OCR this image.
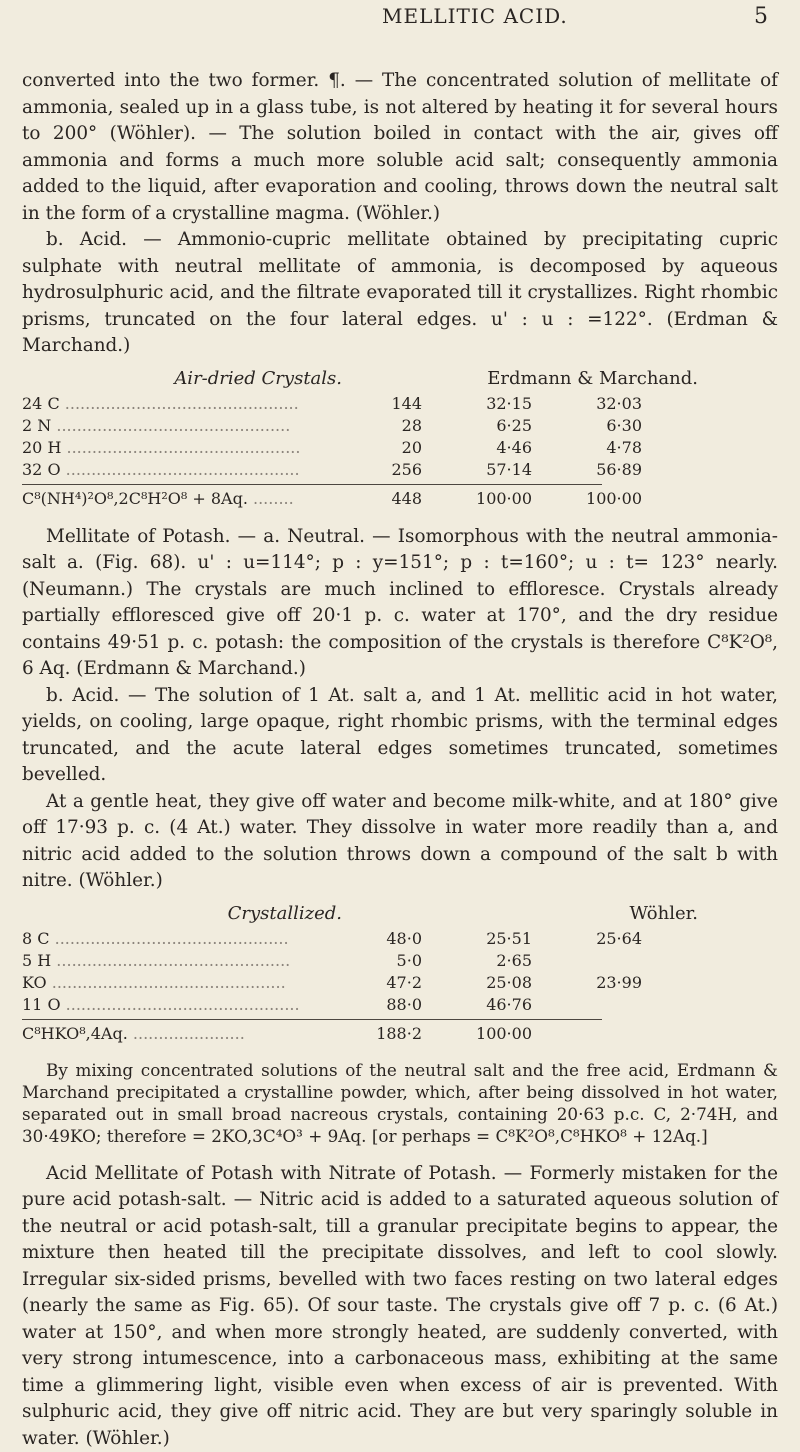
MELLITIC ACID.	5

converted into the two former. ¶. — The concentrated solution of mellitate of ammonia, sealed up in a glass tube, is not altered by heating it for several hours to 200° (Wöhler). — The solution boiled in contact with the air, gives off ammonia and forms a much more soluble acid salt; consequently ammonia added to the liquid, after evaporation and cooling, throws down the neutral salt in the form of a crystalline magma. (Wöhler.)

b. Acid. — Ammonio-cupric mellitate obtained by precipitating cupric sulphate with neutral mellitate of ammonia, is decomposed by aqueous hydrosulphuric acid, and the filtrate evaporated till it crystallizes. Right rhombic prisms, truncated on the four lateral edges. u' : u : =122°. (Erdman & Marchand.)

Air-dried Crystals.	Erdmann & Marchand.
24 C ..............................................	144	32·15	32·03
2 N ..............................................	28	6·25	6·30
20 H ..............................................	20	4·46	4·78
32 O ..............................................	256	57·14	56·89
C⁸(NH⁴)²O⁸,2C⁸H²O⁸ + 8Aq. ........	448	100·00	100·00

Mellitate of Potash. — a. Neutral. — Isomorphous with the neutral ammonia-salt a. (Fig. 68). u' : u=114°; p : y=151°; p : t=160°; u : t= 123° nearly. (Neumann.) The crystals are much inclined to effloresce. Crystals already partially effloresced give off 20·1 p. c. water at 170°, and the dry residue contains 49·51 p. c. potash: the composition of the crystals is therefore C⁸K²O⁸, 6 Aq. (Erdmann & Marchand.)

b. Acid. — The solution of 1 At. salt a, and 1 At. mellitic acid in hot water, yields, on cooling, large opaque, right rhombic prisms, with the terminal edges truncated, and the acute lateral edges sometimes truncated, sometimes bevelled.

At a gentle heat, they give off water and become milk-white, and at 180° give off 17·93 p. c. (4 At.) water. They dissolve in water more readily than a, and nitric acid added to the solution throws down a compound of the salt b with nitre. (Wöhler.)

Crystallized.	Wöhler.
8 C ..............................................	48·0	25·51	25·64
5 H ..............................................	5·0	2·65
KO ..............................................	47·2	25·08	23·99
11 O ..............................................	88·0	46·76
C⁸HKO⁸,4Aq. ......................	188·2	100·00

By mixing concentrated solutions of the neutral salt and the free acid, Erdmann & Marchand precipitated a crystalline powder, which, after being dissolved in hot water, separated out in small broad nacreous crystals, containing 20·63 p.c. C, 2·74H, and 30·49KO; therefore = 2KO,3C⁴O³ + 9Aq. [or perhaps = C⁸K²O⁸,C⁸HKO⁸ + 12Aq.]

Acid Mellitate of Potash with Nitrate of Potash. — Formerly mistaken for the pure acid potash-salt. — Nitric acid is added to a saturated aqueous solution of the neutral or acid potash-salt, till a granular precipitate begins to appear, the mixture then heated till the precipitate dissolves, and left to cool slowly. Irregular six-sided prisms, bevelled with two faces resting on two lateral edges (nearly the same as Fig. 65). Of sour taste. The crystals give off 7 p. c. (6 At.) water at 150°, and when more strongly heated, are suddenly converted, with very strong intumescence, into a carbonaceous mass, exhibiting at the same time a glimmering light, visible even when excess of air is prevented. With sulphuric acid, they give off nitric acid. They are but very sparingly soluble in water. (Wöhler.)
